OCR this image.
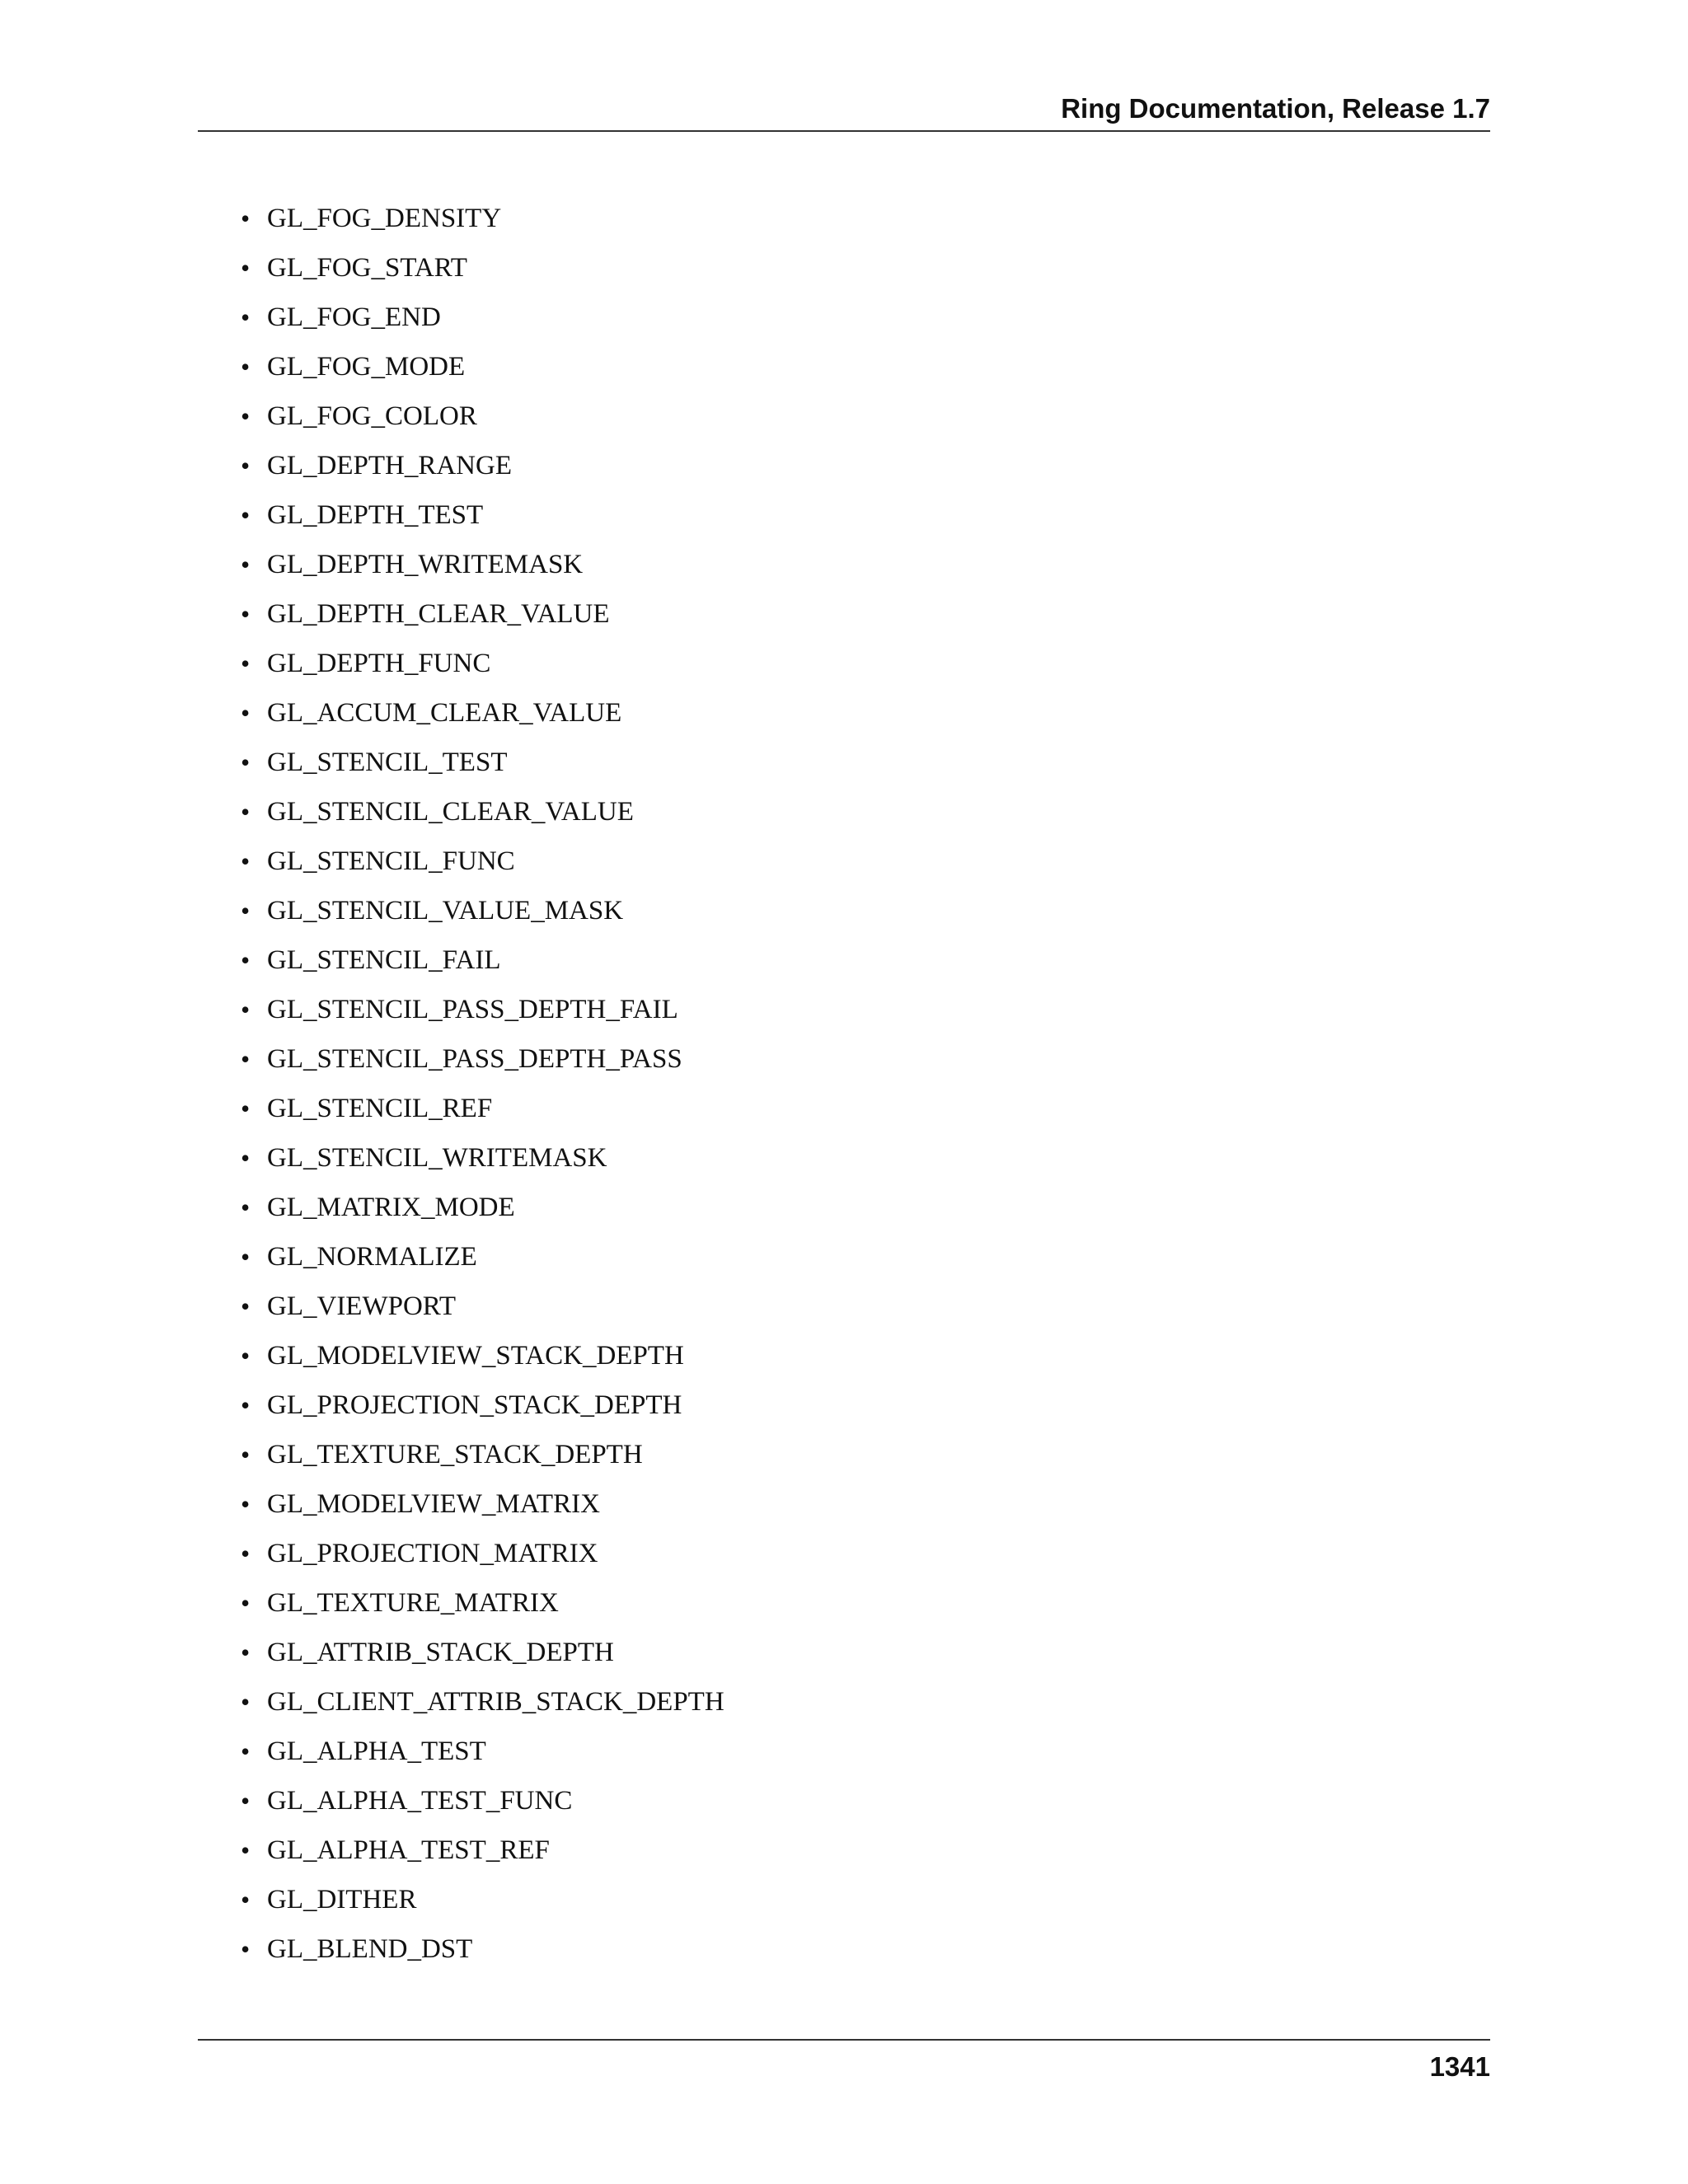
Ring Documentation, Release 1.7
• GL_FOG_DENSITY
• GL_FOG_START
• GL_FOG_END
• GL_FOG_MODE
• GL_FOG_COLOR
• GL_DEPTH_RANGE
• GL_DEPTH_TEST
• GL_DEPTH_WRITEMASK
• GL_DEPTH_CLEAR_VALUE
• GL_DEPTH_FUNC
• GL_ACCUM_CLEAR_VALUE
• GL_STENCIL_TEST
• GL_STENCIL_CLEAR_VALUE
• GL_STENCIL_FUNC
• GL_STENCIL_VALUE_MASK
• GL_STENCIL_FAIL
• GL_STENCIL_PASS_DEPTH_FAIL
• GL_STENCIL_PASS_DEPTH_PASS
• GL_STENCIL_REF
• GL_STENCIL_WRITEMASK
• GL_MATRIX_MODE
• GL_NORMALIZE
• GL_VIEWPORT
• GL_MODELVIEW_STACK_DEPTH
• GL_PROJECTION_STACK_DEPTH
• GL_TEXTURE_STACK_DEPTH
• GL_MODELVIEW_MATRIX
• GL_PROJECTION_MATRIX
• GL_TEXTURE_MATRIX
• GL_ATTRIB_STACK_DEPTH
• GL_CLIENT_ATTRIB_STACK_DEPTH
• GL_ALPHA_TEST
• GL_ALPHA_TEST_FUNC
• GL_ALPHA_TEST_REF
• GL_DITHER
• GL_BLEND_DST
1341
